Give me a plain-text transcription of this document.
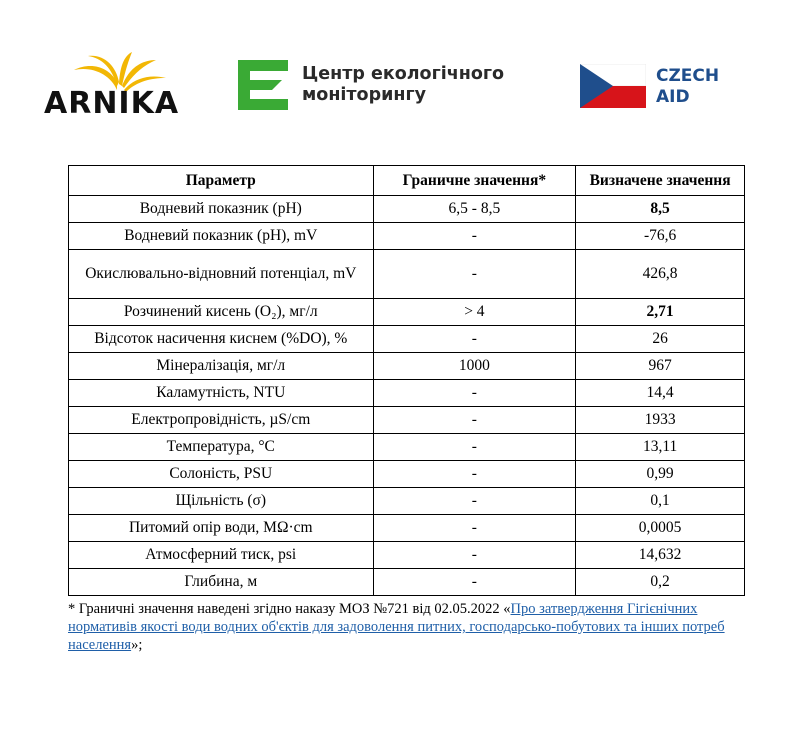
ARNIKA
Центр екологічного
моніторингу
CZECH
AID
Параметр	Граничне значення*	Визначене значення
Водневий показник (pH)	6,5 - 8,5	8,5
Водневий показник (pH), mV	-	-76,6
Окислювально-відновний потенціал, mV	-	426,8
Розчинений кисень (О₂), мг/л	> 4	2,71
Відсоток насичення киснем (%DO), %	-	26
Мінералізація, мг/л	1000	967
Каламутність, NTU	-	14,4
Електропровідність, µS/cm	-	1933
Температура, °C	-	13,11
Солоність, PSU	-	0,99
Щільність (σ)	-	0,1
Питомий опір води, MΩ·cm	-	0,0005
Атмосферний тиск, psi	-	14,632
Глибина, м	-	0,2
* Граничні значення наведені згідно наказу МОЗ №721 від 02.05.2022 «Про затвердження Гігієнічних нормативів якості води водних об'єктів для задоволення питних, господарсько-побутових та інших потреб населення»;
